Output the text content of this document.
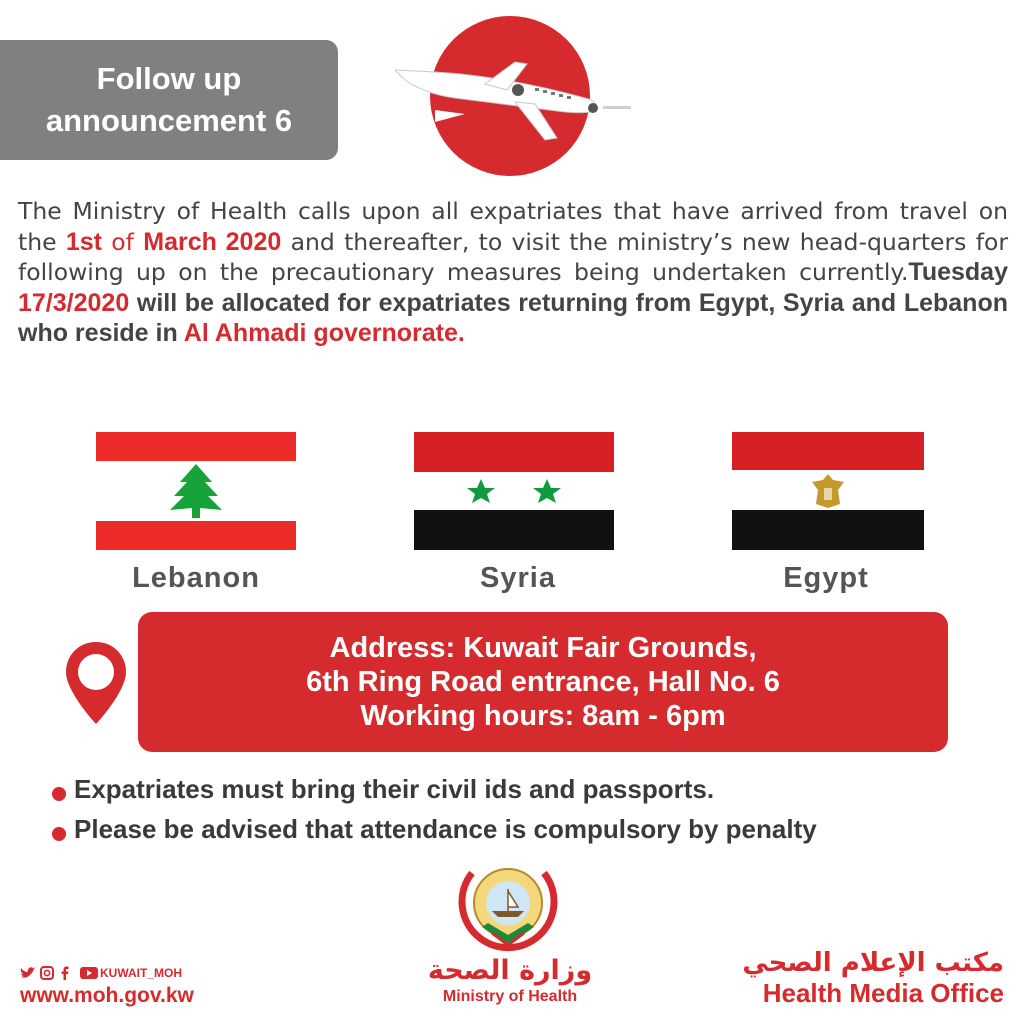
Follow up
announcement 6
The Ministry of Health calls upon all expatriates that have arrived from travel on the 1st of March 2020 and thereafter, to visit the ministry’s new head-quarters for following up on the precautionary measures being undertaken currently.Tuesday 17/3/2020 will be allocated for expatriates returning from Egypt, Syria and Lebanon who reside in Al Ahmadi governorate.
Lebanon	Syria	Egypt
Address: Kuwait Fair Grounds,
6th Ring Road entrance, Hall No. 6
Working hours: 8am - 6pm
Expatriates must bring their civil ids and passports.
Please be advised that attendance is compulsory by penalty
وزارة الصحة
Ministry of Health
KUWAIT_MOH
www.moh.gov.kw
مكتب الإعلام الصحي
Health Media Office
